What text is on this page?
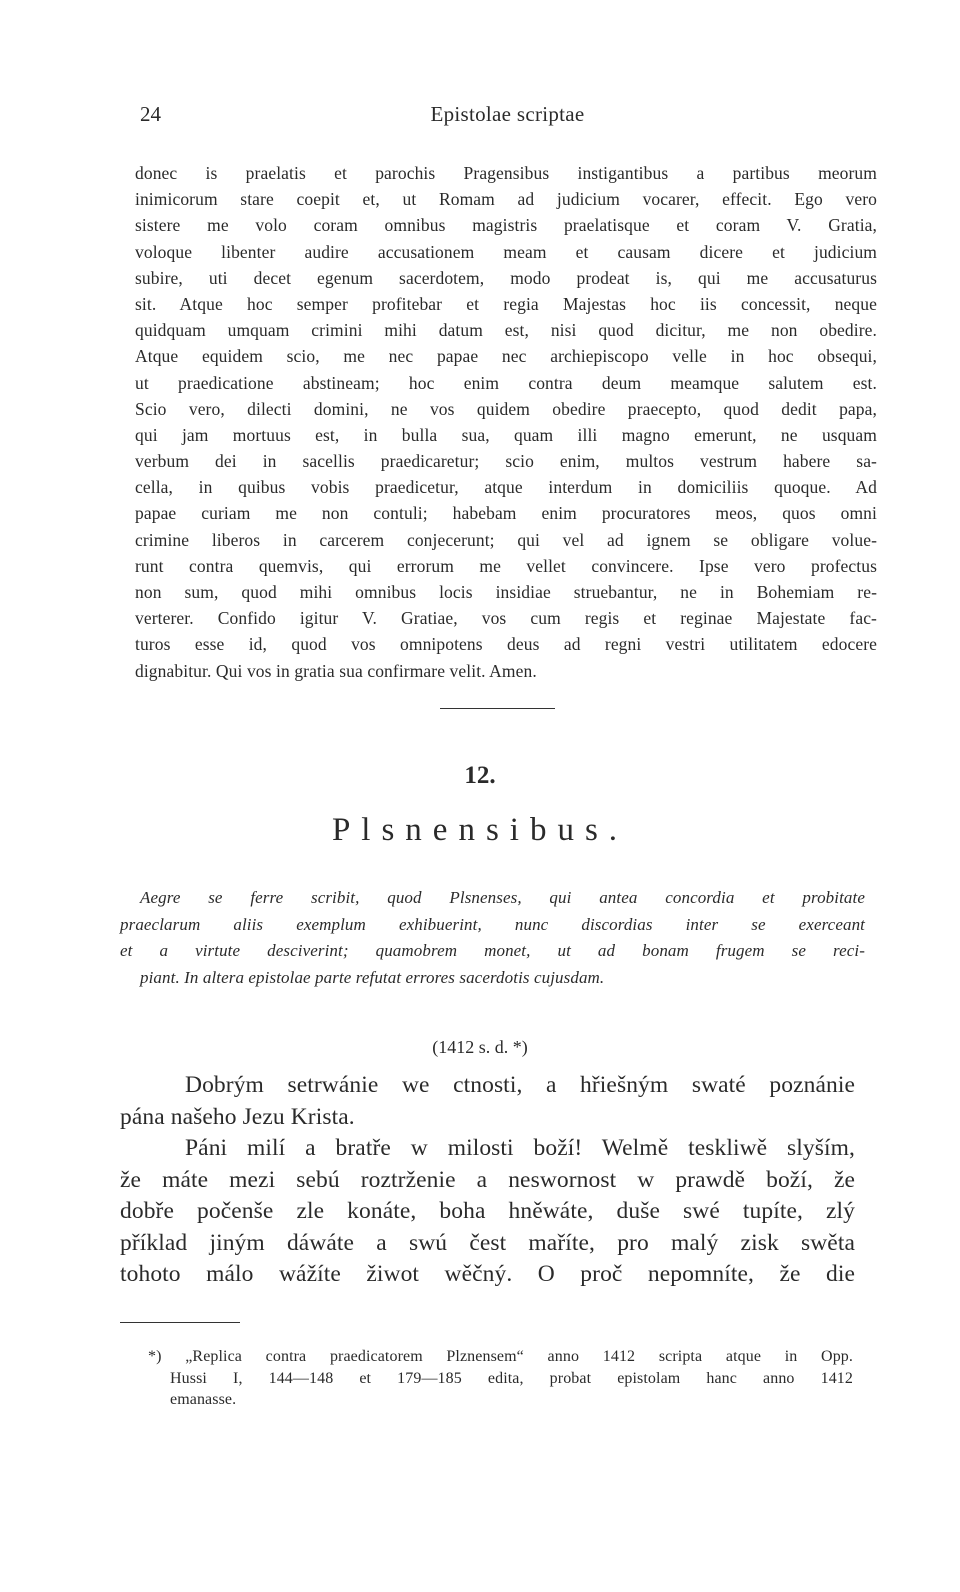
24	Epistolae scriptae
donec is praelatis et parochis Pragensibus instigantibus a partibus meorum
inimicorum stare coepit et, ut Romam ad judicium vocarer, effecit. Ego vero
sistere me volo coram omnibus magistris praelatisque et coram V. Gratia,
voloque libenter audire accusationem meam et causam dicere et judicium
subire, uti decet egenum sacerdotem, modo prodeat is, qui me accusaturus
sit. Atque hoc semper profitebar et regia Majestas hoc iis concessit, neque
quidquam umquam crimini mihi datum est, nisi quod dicitur, me non obedire.
Atque equidem scio, me nec papae nec archiepiscopo velle in hoc obsequi,
ut praedicatione abstineam; hoc enim contra deum meamque salutem est.
Scio vero, dilecti domini, ne vos quidem obedire praecepto, quod dedit papa,
qui jam mortuus est, in bulla sua, quam illi magno emerunt, ne usquam
verbum dei in sacellis praedicaretur; scio enim, multos vestrum habere sa-
cella, in quibus vobis praedicetur, atque interdum in domiciliis quoque. Ad
papae curiam me non contuli; habebam enim procuratores meos, quos omni
crimine liberos in carcerem conjecerunt; qui vel ad ignem se obligare volue-
runt contra quemvis, qui errorum me vellet convincere. Ipse vero profectus
non sum, quod mihi omnibus locis insidiae struebantur, ne in Bohemiam re-
verterer. Confido igitur V. Gratiae, vos cum regis et reginae Majestate fac-
turos esse id, quod vos omnipotens deus ad regni vestri utilitatem edocere
dignabitur. Qui vos in gratia sua confirmare velit. Amen.
12.
Plsnensibus.
Aegre se ferre scribit, quod Plsnenses, qui antea concordia et probitate
praeclarum aliis exemplum exhibuerint, nunc discordias inter se exerceant
et a virtute desciverint; quamobrem monet, ut ad bonam frugem se reci-
piant. In altera epistolae parte refutat errores sacerdotis cujusdam.
(1412 s. d. *)
Dobrým setrwánie we ctnosti, a hřiešným swaté poznánie
pána našeho Jezu Krista.
Páni milí a bratře w milosti boží! Welmě teskliwě slyším,
že máte mezi sebú roztrženie a neswornost w prawdě boží, že
dobře počenše zle konáte, boha hněwáte, duše swé tupíte, zlý
příklad jiným dáwáte a swú čest maříte, pro malý zisk swěta
tohoto málo wážíte žiwot wěčný. O proč nepomníte, že die
*) „Replica contra praedicatorem Plznensem“ anno 1412 scripta atque in Opp.
Hussi I, 144—148 et 179—185 edita, probat epistolam hanc anno 1412
emanasse.
